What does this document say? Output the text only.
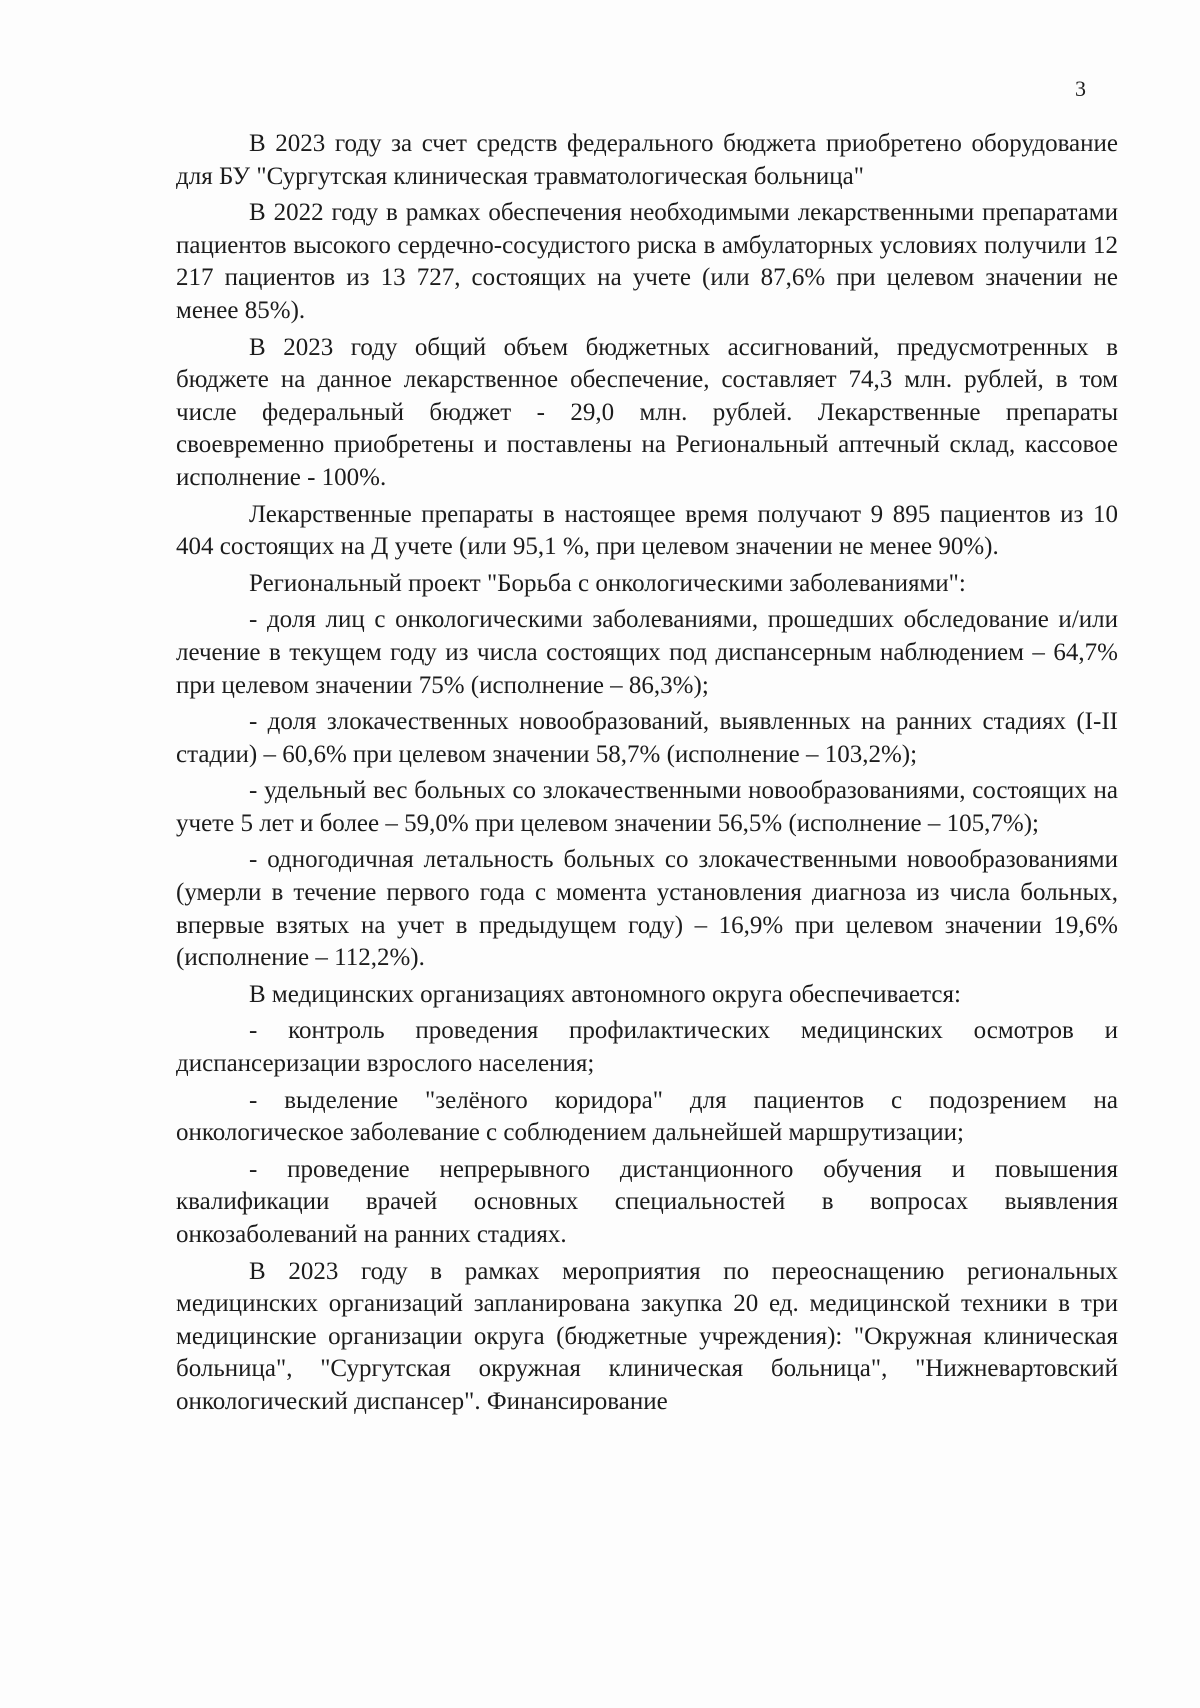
3

В 2023 году за счет средств федерального бюджета приобретено оборудование для БУ "Сургутская клиническая травматологическая больница"

В 2022 году в рамках обеспечения необходимыми лекарственными препаратами пациентов высокого сердечно-сосудистого риска в амбулаторных условиях получили 12 217 пациентов из 13 727, состоящих на учете (или 87,6% при целевом значении не менее 85%).

В 2023 году общий объем бюджетных ассигнований, предусмотренных в бюджете на данное лекарственное обеспечение, составляет 74,3 млн. рублей, в том числе федеральный бюджет - 29,0 млн. рублей. Лекарственные препараты своевременно приобретены и поставлены на Региональный аптечный склад, кассовое исполнение - 100%.

Лекарственные препараты в настоящее время получают 9 895 пациентов из 10 404 состоящих на Д учете (или 95,1 %, при целевом значении не менее 90%).

Региональный проект "Борьба с онкологическими заболеваниями":

- доля лиц с онкологическими заболеваниями, прошедших обследование и/или лечение в текущем году из числа состоящих под диспансерным наблюдением – 64,7% при целевом значении 75% (исполнение – 86,3%);

- доля злокачественных новообразований, выявленных на ранних стадиях (I-II стадии) – 60,6% при целевом значении 58,7% (исполнение – 103,2%);

- удельный вес больных со злокачественными новообразованиями, состоящих на учете 5 лет и более – 59,0% при целевом значении 56,5% (исполнение – 105,7%);

- одногодичная летальность больных со злокачественными новообразованиями (умерли в течение первого года с момента установления диагноза из числа больных, впервые взятых на учет в предыдущем году) – 16,9% при целевом значении 19,6% (исполнение – 112,2%).

В медицинских организациях автономного округа обеспечивается:

- контроль проведения профилактических медицинских осмотров и диспансеризации взрослого населения;

- выделение "зелёного коридора" для пациентов с подозрением на онкологическое заболевание с соблюдением дальнейшей маршрутизации;

- проведение непрерывного дистанционного обучения и повышения квалификации врачей основных специальностей в вопросах выявления онкозаболеваний на ранних стадиях.

В 2023 году в рамках мероприятия по переоснащению региональных медицинских организаций запланирована закупка 20 ед. медицинской техники в три медицинские организации округа (бюджетные учреждения): "Окружная клиническая больница", "Сургутская окружная клиническая больница", "Нижневартовский онкологический диспансер". Финансирование
